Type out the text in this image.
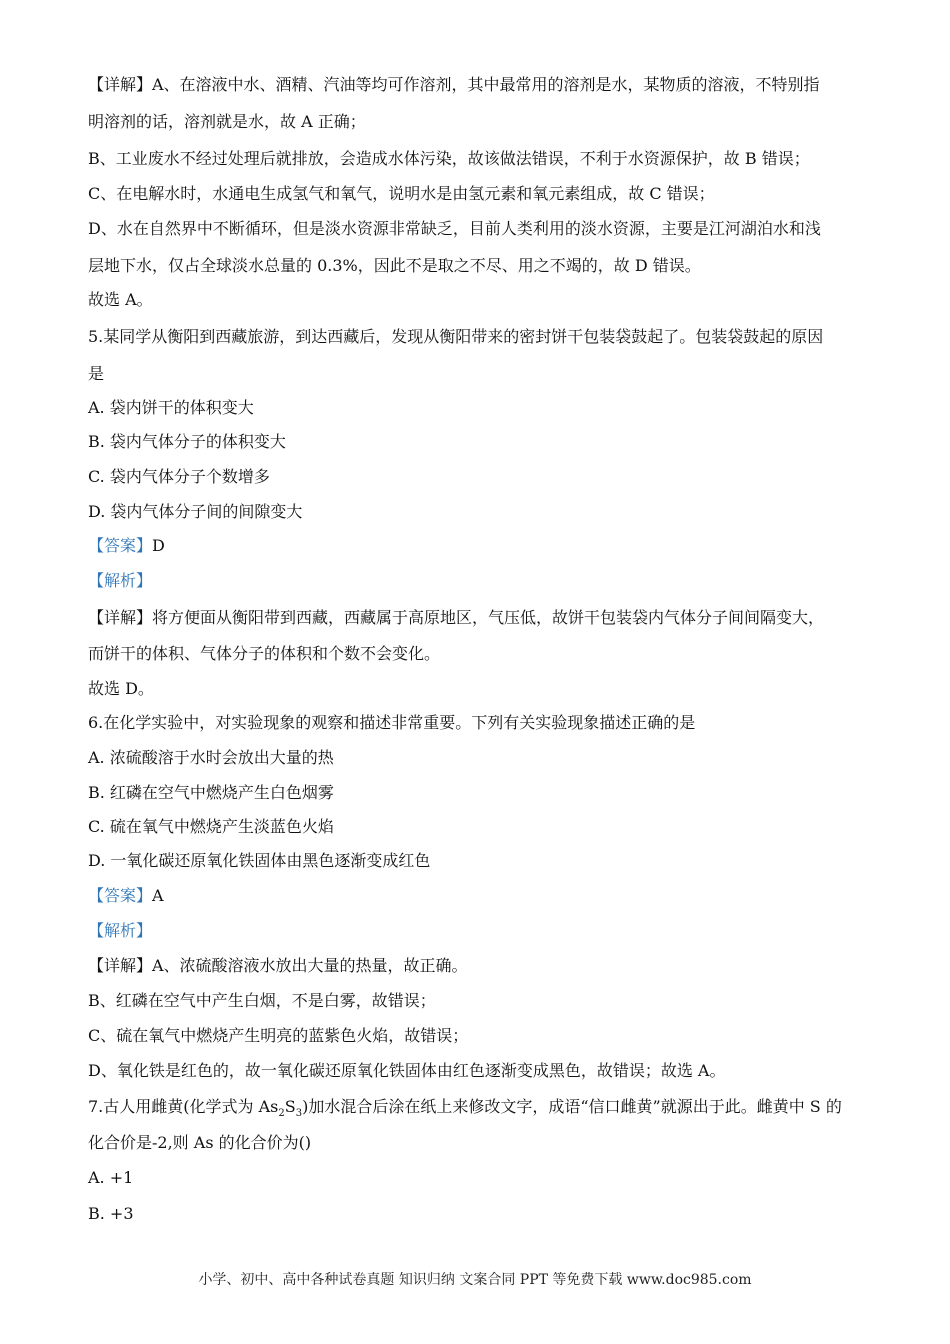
【详解】A、在溶液中水、酒精、汽油等均可作溶剂，其中最常用的溶剂是水，某物质的溶液，不特别指
明溶剂的话，溶剂就是水，故 A 正确；
B、工业废水不经过处理后就排放，会造成水体污染，故该做法错误，不利于水资源保护，故 B 错误；
C、在电解水时，水通电生成氢气和氧气，说明水是由氢元素和氧元素组成，故 C 错误；
D、水在自然界中不断循环，但是淡水资源非常缺乏，目前人类利用的淡水资源，主要是江河湖泊水和浅
层地下水，仅占全球淡水总量的 0.3%，因此不是取之不尽、用之不竭的，故 D 错误。
故选 A。
5.某同学从衡阳到西藏旅游，到达西藏后，发现从衡阳带来的密封饼干包装袋鼓起了。包装袋鼓起的原因
是
A. 袋内饼干的体积变大
B. 袋内气体分子的体积变大
C. 袋内气体分子个数增多
D. 袋内气体分子间的间隙变大
【答案】D
【解析】
【详解】将方便面从衡阳带到西藏，西藏属于高原地区，气压低，故饼干包装袋内气体分子间间隔变大，
而饼干的体积、气体分子的体积和个数不会变化。
故选 D。
6.在化学实验中，对实验现象的观察和描述非常重要。下列有关实验现象描述正确的是
A. 浓硫酸溶于水时会放出大量的热
B. 红磷在空气中燃烧产生白色烟雾
C. 硫在氧气中燃烧产生淡蓝色火焰
D. 一氧化碳还原氧化铁固体由黑色逐渐变成红色
【答案】A
【解析】
【详解】A、浓硫酸溶液水放出大量的热量，故正确。
B、红磷在空气中产生白烟，不是白雾，故错误；
C、硫在氧气中燃烧产生明亮的蓝紫色火焰，故错误；
D、氧化铁是红色的，故一氧化碳还原氧化铁固体由红色逐渐变成黑色，故错误；故选 A。
7.古人用雌黄(化学式为 $As_2S_3$)加水混合后涂在纸上来修改文字，成语“信口雌黄”就源出于此。雌黄中 S 的
化合价是-2,则 As 的化合价为()
A. +1
B. +3
小学、初中、高中各种试卷真题 知识归纳 文案合同 PPT 等免费下载 www.doc985.com
